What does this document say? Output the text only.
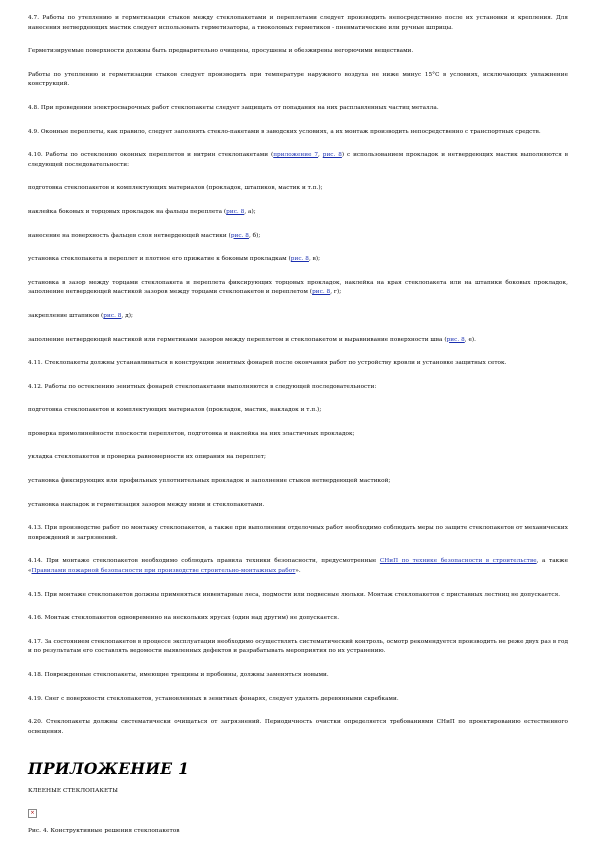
4.7. Работы по утеплению и герметизации стыков между стеклопакетами и переплетами следует производить непосредственно после их установки и крепления. Для нанесения нетвердеющих мастик следует использовать герметизаторы, а тиоколовых герметиков - пневматические или ручные шприцы.

Герметизируемые поверхности должны быть предварительно очищены, просушены и обезжирены негорючими веществами.

Работы по утеплению и герметизации стыков следует производить при температуре наружного воздуха не ниже минус 15°С в условиях, исключающих увлажнение конструкций.

4.8. При проведении электросварочных работ стеклопакеты следует защищать от попадания на них расплавленных частиц металла.

4.9. Оконные переплеты, как правило, следует заполнять стекло-пакетами в заводских условиях, а их монтаж производить непосредственно с транспортных средств.

4.10. Работы по остеклению оконных переплетов и витрин стеклопакетами (приложение 7, рис. 8) с использованием прокладок и нетвердеющих мастик выполняются в следующей последовательности:

подготовка стеклопакетов и комплектующих материалов (прокладок, штапиков, мастик и т.п.);

наклейка боковых и торцовых прокладок на фальцы переплета (рис. 8, а);

нанесение на поверхность фальцев слоя нетвердеющей мастики (рис. 8, б);

установка стеклопакета в переплет и плотное его прижатие к боковым прокладкам (рис. 8, в);

установка в зазор между торцами стеклопакета и переплета фиксирующих торцовых прокладок, наклейка на края стеклопакета или на штапики боковых прокладок, заполнение нетвердеющей мастикой зазоров между торцами стеклопакетов и переплетом (рис. 8, г);

закрепление штапиков (рис. 8, д);

заполнение нетвердеющей мастикой или герметиками зазоров между переплетом и стеклопакетом и выравнивание поверхности шва (рис. 8, е).

4.11. Стеклопакеты должны устанавливаться в конструкции зенитных фонарей после окончания работ по устройству кровли и установке защитных сеток.

4.12. Работы по остеклению зенитных фонарей стеклопакетами выполняются в следующей последовательности:

подготовка стеклопакетов и комплектующих материалов (прокладок, мастик, накладок и т.п.);

проверка прямолинейности плоскости переплетов, подготовка и наклейка на них эластичных прокладок;

укладка стеклопакетов и проверка равномерности их опирания на переплет;

установка фиксирующих или профильных уплотнительных прокладок и заполнение стыков нетвердеющей мастикой;

установка накладок и герметизация зазоров между ними и стеклопакетами.

4.13. При производстве работ по монтажу стеклопакетов, а также при выполнении отделочных работ необходимо соблюдать меры по защите стеклопакетов от механических повреждений и загрязнений.

4.14. При монтаже стеклопакетов необходимо соблюдать правила техники безопасности, предусмотренные СНиП по технике безопасности в строительстве, а также «Правилами пожарной безопасности при производстве строительно-монтажных работ».

4.15. При монтаже стеклопакетов должны применяться инвентарные леса, подмости или подвесные люльки. Монтаж стеклопакетов с приставных лестниц не допускается.

4.16. Монтаж стеклопакетов одновременно на нескольких ярусах (один над другим) не допускается.

4.17. За состоянием стеклопакетов в процессе эксплуатации необходимо осуществлять систематический контроль, осмотр рекомендуется производить не реже двух раз в год и по результатам его составлять ведомости выявленных дефектов и разрабатывать мероприятия по их устранению.

4.18. Поврежденные стеклопакеты, имеющие трещины и пробоины, должны заменяться новыми.

4.19. Снег с поверхности стеклопакетов, установленных в зенитных фонарях, следует удалять деревянными скребками.

4.20. Стеклопакеты должны систематически очищаться от загрязнений. Периодичность очистки определяется требованиями СНиП по проектированию естественного освещения.

ПРИЛОЖЕНИЕ 1

КЛЕЕНЫЕ СТЕКЛОПАКЕТЫ

×

Рис. 4. Конструктивные решения стеклопакетов
